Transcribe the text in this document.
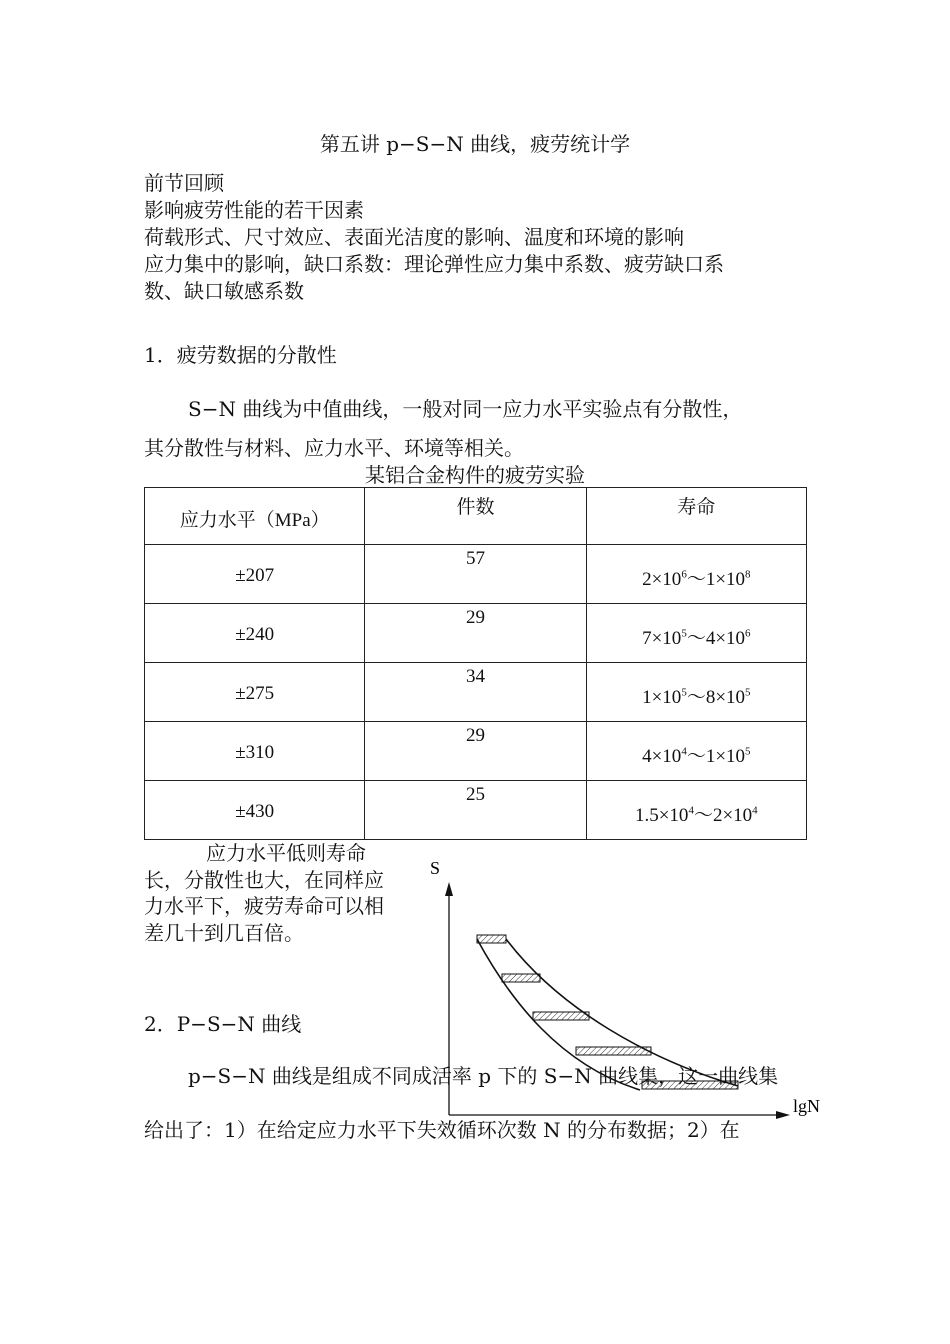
第五讲 p−S−N 曲线，疲劳统计学
前节回顾
影响疲劳性能的若干因素
荷载形式、尺寸效应、表面光洁度的影响、温度和环境的影响
应力集中的影响，缺口系数：理论弹性应力集中系数、疲劳缺口系
数、缺口敏感系数
1．疲劳数据的分散性
S−N 曲线为中值曲线，一般对同一应力水平实验点有分散性，
其分散性与材料、应力水平、环境等相关。
某铝合金构件的疲劳实验
应力水平（MPa）	件数	寿命
±207	57	$2\times 10^6\sim 1\times 10^8$
±240	29	$7\times 10^5\sim 4\times 10^6$
±275	34	$1\times 10^5\sim 8\times 10^5$
±310	29	$4\times 10^4\sim 1\times 10^5$
±430	25	$1.5\times 10^4\sim 2\times 10^4$
应力水平低则寿命长，分散性也大，在同样应力水平下，疲劳寿命可以相差几十到几百倍。
2．P−S−N 曲线
S
lgN
p−S−N 曲线是组成不同成活率 p 下的 S−N 曲线集，这一曲线集
给出了：1）在给定应力水平下失效循环次数 N 的分布数据；2）在
